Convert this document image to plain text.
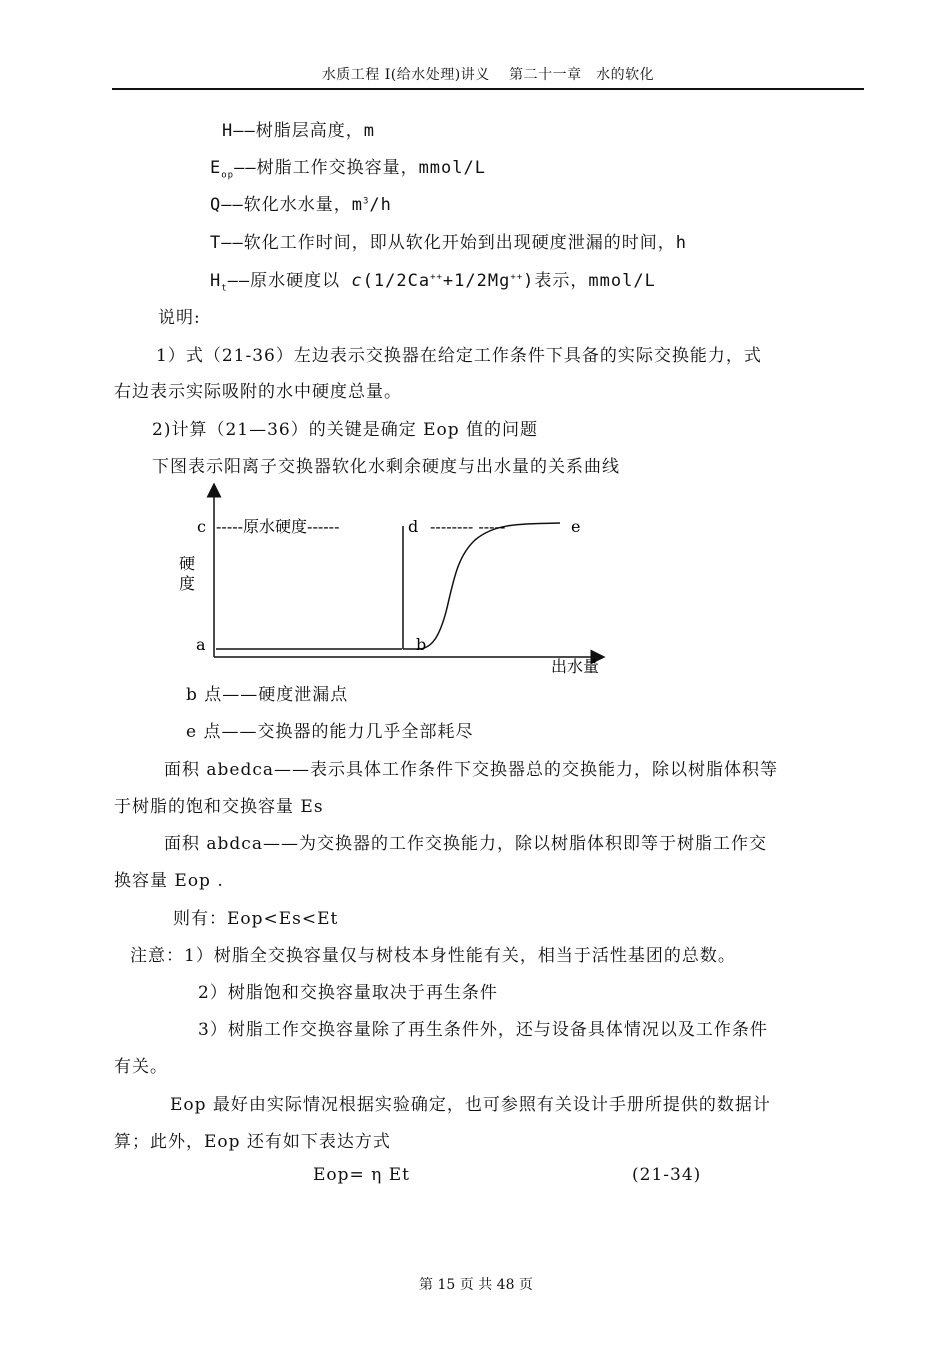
水质工程 I(给水处理)讲义　 第二十一章　水的软化
H——树脂层高度，m
$E_{op}——$树脂工作交换容量，mmol/L
Q——软化水水量，$m^3/h$
T——软化工作时间，即从软化开始到出现硬度泄漏的时间，h
$H_t——$原水硬度以 c(1/2Ca+++1/2Mg++)表示，mmol/L
说明:
1）式（21-36）左边表示交换器在给定工作条件下具备的实际交换能力，式
右边表示实际吸附的水中硬度总量。
2)计算（21—36）的关键是确定 Eop 值的问题
下图表示阳离子交换器软化水剩余硬度与出水量的关系曲线
c -----原水硬度------	d -------- -----	e
硬度
a	b
出水量
b 点——硬度泄漏点
e 点——交换器的能力几乎全部耗尽
面积 abedca——表示具体工作条件下交换器总的交换能力，除以树脂体积等
于树脂的饱和交换容量 Es
面积 abdca——为交换器的工作交换能力，除以树脂体积即等于树脂工作交
换容量 Eop .
则有：Eop<Es<Et
注意：1）树脂全交换容量仅与树枝本身性能有关，相当于活性基团的总数。
2）树脂饱和交换容量取决于再生条件
3）树脂工作交换容量除了再生条件外，还与设备具体情况以及工作条件
有关。
Eop 最好由实际情况根据实验确定，也可参照有关设计手册所提供的数据计
算；此外，Eop 还有如下表达方式
Eop= η Et	(21-34)
第 15 页 共 48 页
